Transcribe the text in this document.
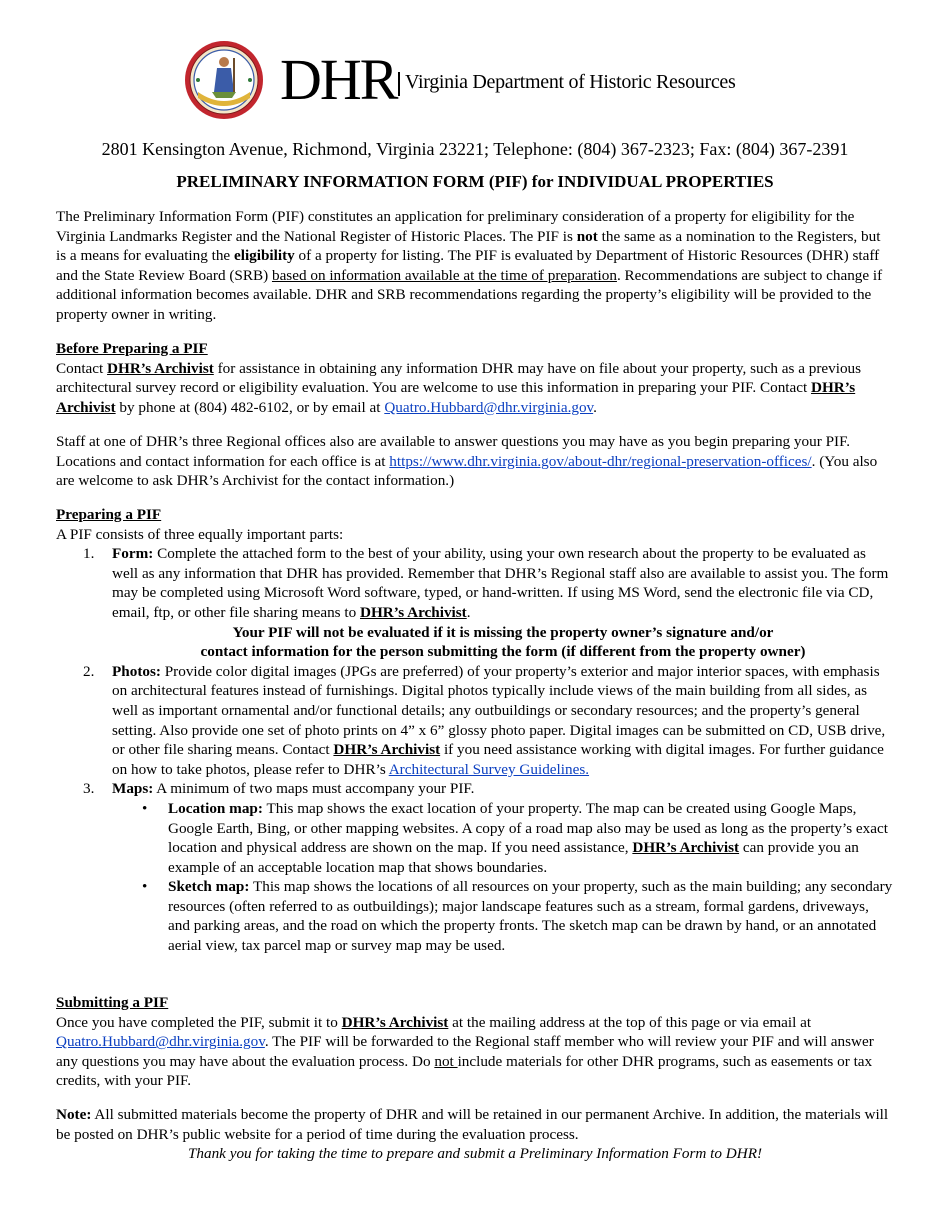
DHR Virginia Department of Historic Resources
2801 Kensington Avenue, Richmond, Virginia 23221; Telephone: (804) 367-2323; Fax: (804) 367-2391
PRELIMINARY INFORMATION FORM (PIF) for INDIVIDUAL PROPERTIES

The Preliminary Information Form (PIF) constitutes an application for preliminary consideration of a property for eligibility for the Virginia Landmarks Register and the National Register of Historic Places. The PIF is not the same as a nomination to the Registers, but is a means for evaluating the eligibility of a property for listing. The PIF is evaluated by Department of Historic Resources (DHR) staff and the State Review Board (SRB) based on information available at the time of preparation. Recommendations are subject to change if additional information becomes available. DHR and SRB recommendations regarding the property’s eligibility will be provided to the property owner in writing.

Before Preparing a PIF

Contact DHR’s Archivist for assistance in obtaining any information DHR may have on file about your property, such as a previous architectural survey record or eligibility evaluation. You are welcome to use this information in preparing your PIF. Contact DHR’s Archivist by phone at (804) 482-6102, or by email at Quatro.Hubbard@dhr.virginia.gov.

Staff at one of DHR’s three Regional offices also are available to answer questions you may have as you begin preparing your PIF. Locations and contact information for each office is at https://www.dhr.virginia.gov/about-dhr/regional-preservation-offices/. (You also are welcome to ask DHR’s Archivist for the contact information.)

Preparing a PIF

A PIF consists of three equally important parts:

1. Form: Complete the attached form to the best of your ability, using your own research about the property to be evaluated as well as any information that DHR has provided. Remember that DHR’s Regional staff also are available to assist you. The form may be completed using Microsoft Word software, typed, or hand-written. If using MS Word, send the electronic file via CD, email, ftp, or other file sharing means to DHR’s Archivist.

Your PIF will not be evaluated if it is missing the property owner’s signature and/or

contact information for the person submitting the form (if different from the property owner)

2. Photos: Provide color digital images (JPGs are preferred) of your property’s exterior and major interior spaces, with emphasis on architectural features instead of furnishings. Digital photos typically include views of the main building from all sides, as well as important ornamental and/or functional details; any outbuildings or secondary resources; and the property’s general setting. Also provide one set of photo prints on 4” x 6” glossy photo paper. Digital images can be submitted on CD, USB drive, or other file sharing means. Contact DHR’s Archivist if you need assistance working with digital images. For further guidance on how to take photos, please refer to DHR’s Architectural Survey Guidelines.
3. Maps: A minimum of two maps must accompany your PIF.
• Location map: This map shows the exact location of your property. The map can be created using Google Maps, Google Earth, Bing, or other mapping websites. A copy of a road map also may be used as long as the property’s exact location and physical address are shown on the map. If you need assistance, DHR’s Archivist can provide you an example of an acceptable location map that shows boundaries.
• Sketch map: This map shows the locations of all resources on your property, such as the main building; any secondary resources (often referred to as outbuildings); major landscape features such as a stream, formal gardens, driveways, and parking areas, and the road on which the property fronts. The sketch map can be drawn by hand, or an annotated aerial view, tax parcel map or survey map may be used.

Submitting a PIF

Once you have completed the PIF, submit it to DHR’s Archivist at the mailing address at the top of this page or via email at Quatro.Hubbard@dhr.virginia.gov. The PIF will be forwarded to the Regional staff member who will review your PIF and will answer any questions you may have about the evaluation process. Do not include materials for other DHR programs, such as easements or tax credits, with your PIF.

Note: All submitted materials become the property of DHR and will be retained in our permanent Archive. In addition, the materials will be posted on DHR’s public website for a period of time during the evaluation process.

Thank you for taking the time to prepare and submit a Preliminary Information Form to DHR!
